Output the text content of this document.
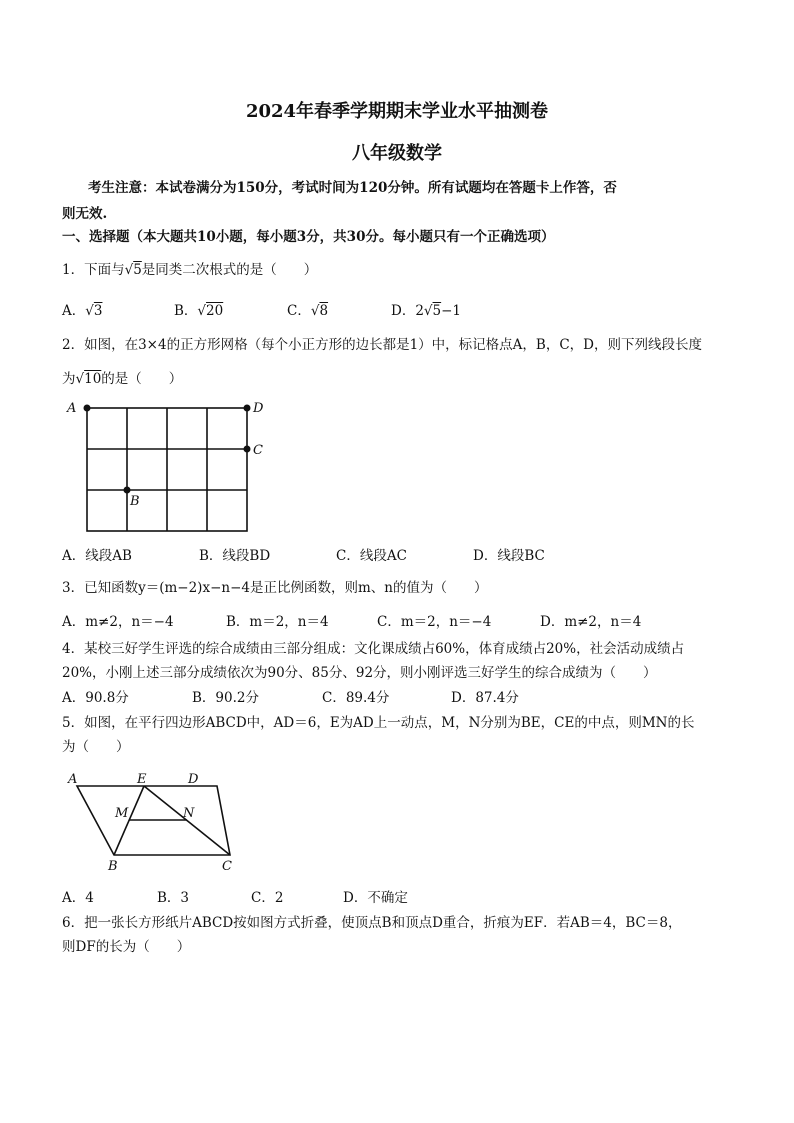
2024年春季学期期末学业水平抽测卷
八年级数学
考生注意：本试卷满分为150分，考试时间为120分钟。所有试题均在答题卡上作答，否
则无效.
一、选择题（本大题共10小题，每小题3分，共30分。每小题只有一个正确选项）
1．下面与√5是同类二次根式的是（　　）
A．√3	B．√20	C．√8	D．2√5−1
2．如图，在3×4的正方形网格（每个小正方形的边长都是1）中，标记格点A，B，C，D，则下列线段长度
为√10的是（　　）
A	D
C
B
A．线段AB	B．线段BD	C．线段AC	D．线段BC
3．已知函数y＝(m−2)x−n−4是正比例函数，则m、n的值为（　　）
A．m≠2，n＝−4	B．m＝2，n＝4	C．m＝2，n＝−4	D．m≠2，n＝4
4．某校三好学生评选的综合成绩由三部分组成：文化课成绩占60%，体育成绩占20%，社会活动成绩占
20%，小刚上述三部分成绩依次为90分、85分、92分，则小刚评选三好学生的综合成绩为（　　）
A．90.8分	B．90.2分	C．89.4分	D．87.4分
5．如图，在平行四边形ABCD中，AD＝6，E为AD上一动点，M，N分别为BE，CE的中点，则MN的长
为（　　）
A	E	D
M	N
B	C
A．4	B．3	C．2	D．不确定
6．把一张长方形纸片ABCD按如图方式折叠，使顶点B和顶点D重合，折痕为EF．若AB＝4，BC＝8，
则DF的长为（　　）
